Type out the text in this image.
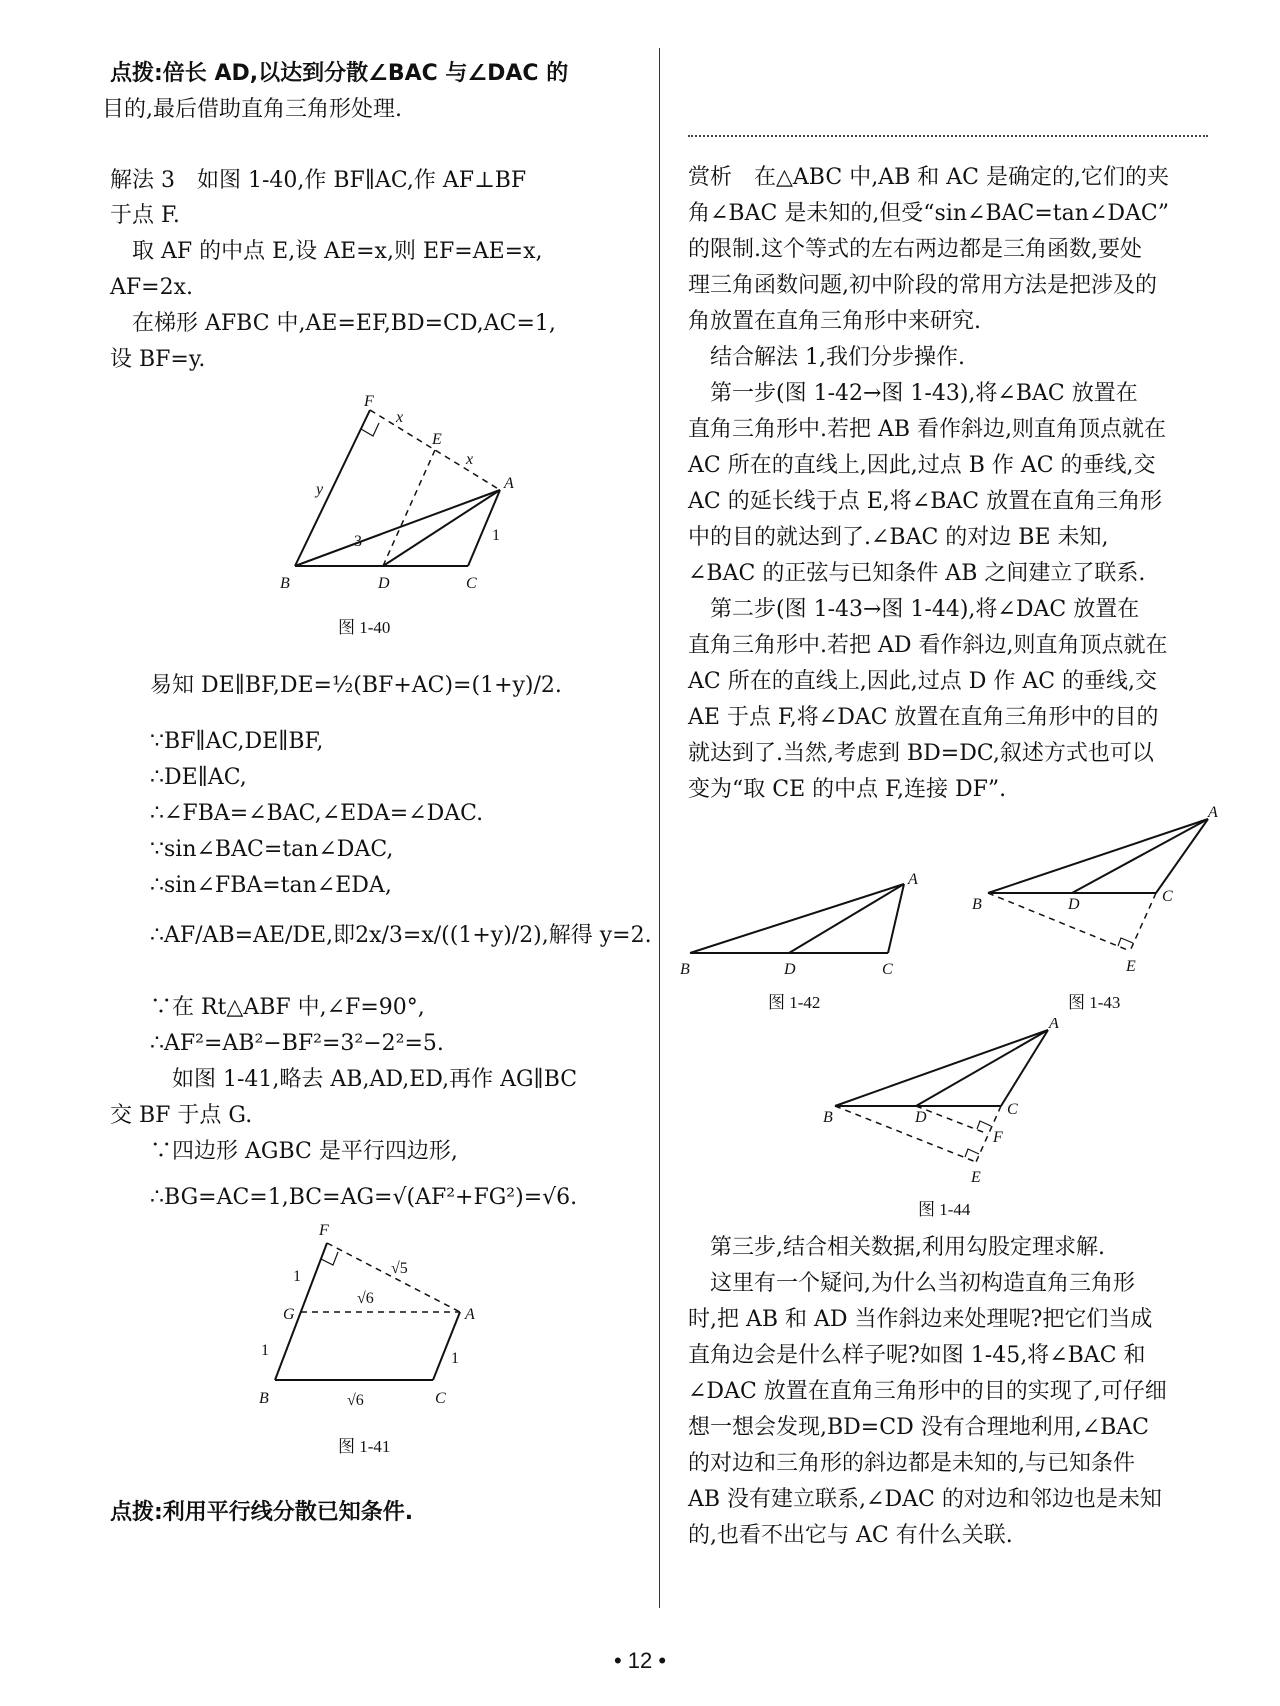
点拨:倍长 AD,以达到分散∠BAC 与∠DAC 的
目的,最后借助直角三角形处理.
解法 3　如图 1-40,作 BF∥AC,作 AF⊥BF
于点 F.
　取 AF 的中点 E,设 AE=x,则 EF=AE=x,
AF=2x.
　在梯形 AFBC 中,AE=EF,BD=CD,AC=1,
设 BF=y.
F
E
A
B	D	C
x
x
y
3	1
图 1-40
易知 DE∥BF,DE=½(BF+AC)=(1+y)/2.
∵BF∥AC,DE∥BF,
∴DE∥AC,
∴∠FBA=∠BAC,∠EDA=∠DAC.
∵sin∠BAC=tan∠DAC,
∴sin∠FBA=tan∠EDA,
∴AF/AB=AE/DE,即2x/3=x/((1+y)/2),解得 y=2.
∵在 Rt△ABF 中,∠F=90°,
∴AF²=AB²−BF²=3²−2²=5.
　如图 1-41,略去 AB,AD,ED,再作 AG∥BC
交 BF 于点 G.
∵四边形 AGBC 是平行四边形,
∴BG=AC=1,BC=AG=√(AF²+FG²)=√6.
F
G	A
B	C
1
1	1
√5
√6
√6
图 1-41
点拨:利用平行线分散已知条件.
赏析　在△ABC 中,AB 和 AC 是确定的,它们的夹
角∠BAC 是未知的,但受“sin∠BAC=tan∠DAC”
的限制.这个等式的左右两边都是三角函数,要处
理三角函数问题,初中阶段的常用方法是把涉及的
角放置在直角三角形中来研究.
　结合解法 1,我们分步操作.
　第一步(图 1-42→图 1-43),将∠BAC 放置在
直角三角形中.若把 AB 看作斜边,则直角顶点就在
AC 所在的直线上,因此,过点 B 作 AC 的垂线,交
AC 的延长线于点 E,将∠BAC 放置在直角三角形
中的目的就达到了.∠BAC 的对边 BE 未知,
∠BAC 的正弦与已知条件 AB 之间建立了联系.
　第二步(图 1-43→图 1-44),将∠DAC 放置在
直角三角形中.若把 AD 看作斜边,则直角顶点就在
AC 所在的直线上,因此,过点 D 作 AC 的垂线,交
AE 于点 F,将∠DAC 放置在直角三角形中的目的
就达到了.当然,考虑到 BD=DC,叙述方式也可以
变为“取 CE 的中点 F,连接 DF”.
B	D	C
A
图 1-42
B	D	C
A
E
图 1-43
B	D	C
A
F
E
图 1-44
　第三步,结合相关数据,利用勾股定理求解.
　这里有一个疑问,为什么当初构造直角三角形
时,把 AB 和 AD 当作斜边来处理呢?把它们当成
直角边会是什么样子呢?如图 1-45,将∠BAC 和
∠DAC 放置在直角三角形中的目的实现了,可仔细
想一想会发现,BD=CD 没有合理地利用,∠BAC
的对边和三角形的斜边都是未知的,与已知条件
AB 没有建立联系,∠DAC 的对边和邻边也是未知
的,也看不出它与 AC 有什么关联.
• 12 •
